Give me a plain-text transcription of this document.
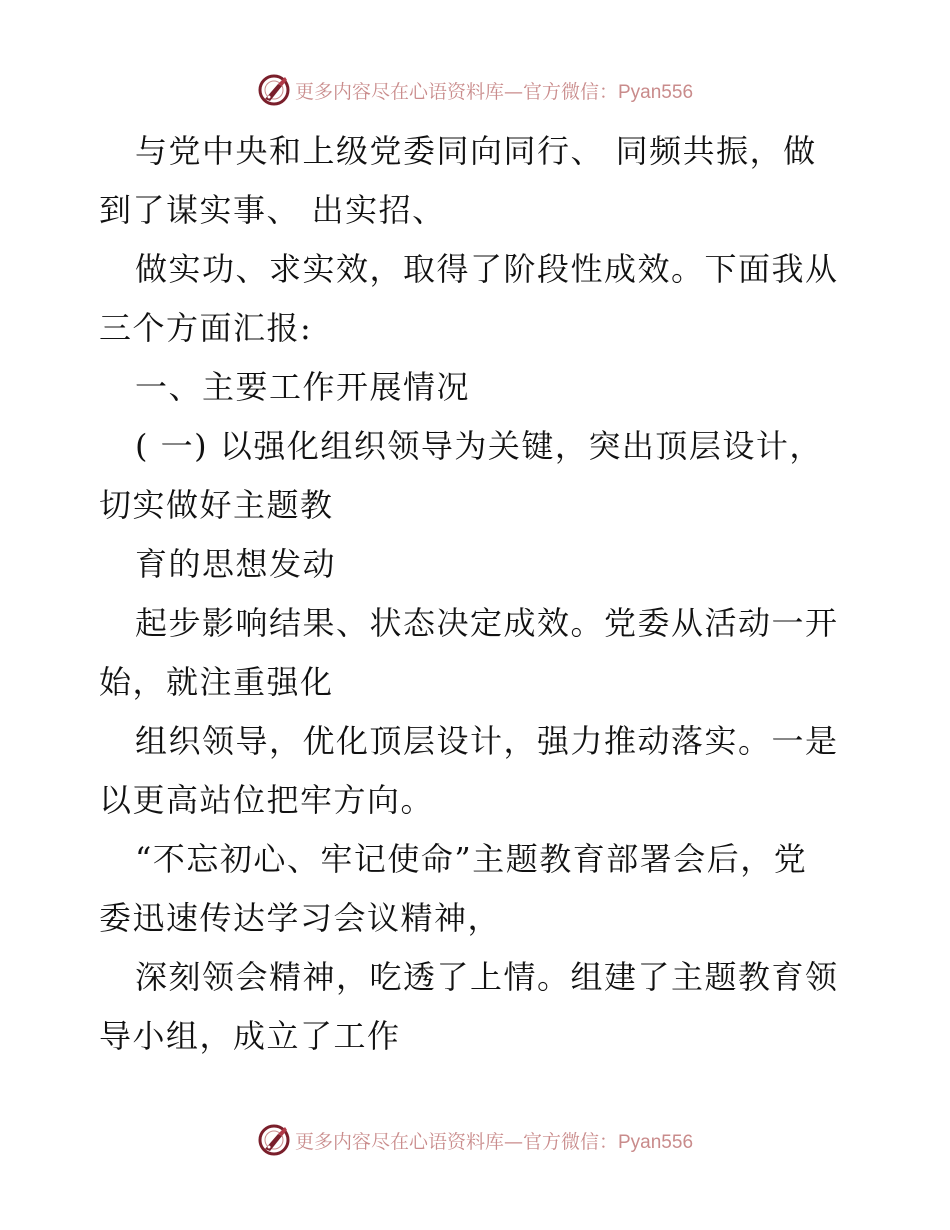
更多内容尽在心语资料库—官方微信：Pyan556
与党中央和上级党委同向同行、 同频共振，做
到了谋实事、 出实招、
做实功、求实效，取得了阶段性成效。下面我从
三个方面汇报:
一、主要工作开展情况
( 一) 以强化组织领导为关键，突出顶层设计，
切实做好主题教
育的思想发动
起步影响结果、状态决定成效。党委从活动一开
始，就注重强化
组织领导，优化顶层设计，强力推动落实。一是
以更高站位把牢方向。
“不忘初心、牢记使命”主题教育部署会后，党
委迅速传达学习会议精神，
深刻领会精神，吃透了上情。组建了主题教育领
导小组，成立了工作
更多内容尽在心语资料库—官方微信：Pyan556
